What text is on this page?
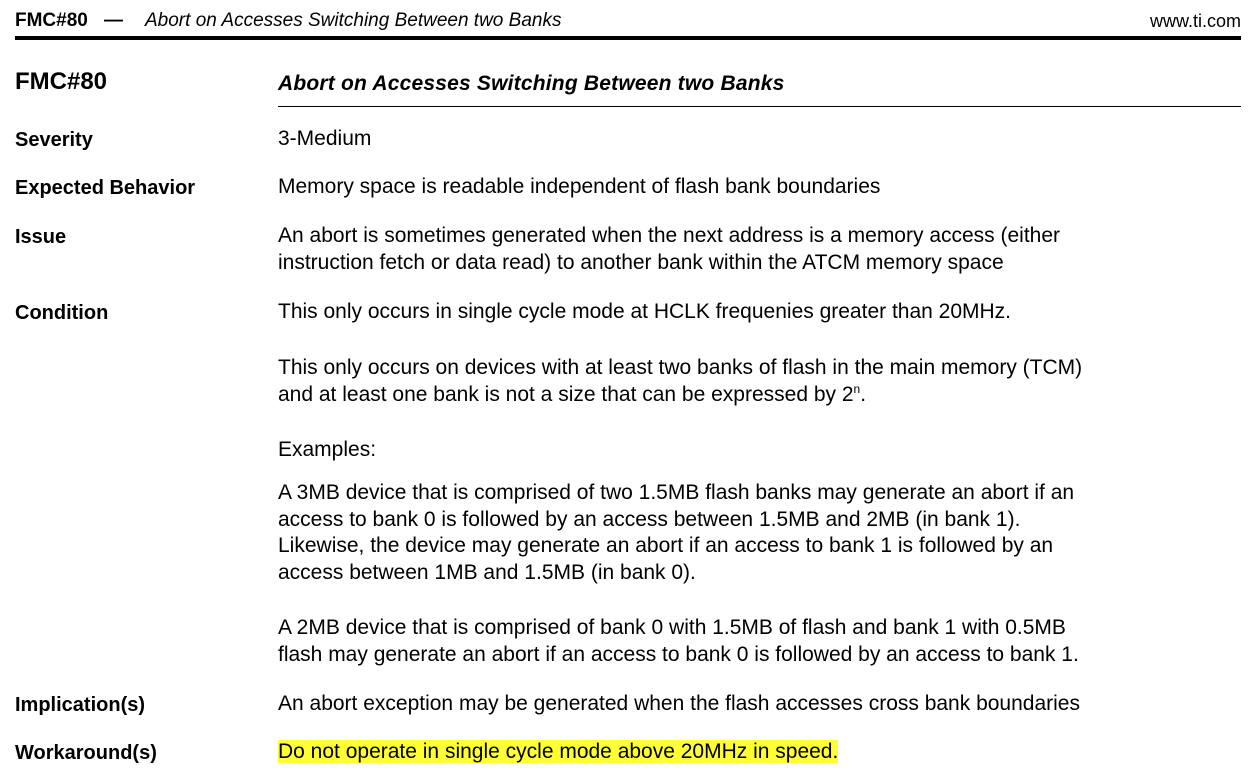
FMC#80 — Abort on Accesses Switching Between two Banks	www.ti.com
FMC#80	Abort on Accesses Switching Between two Banks
Severity	3-Medium
Expected Behavior	Memory space is readable independent of flash bank boundaries
Issue	An abort is sometimes generated when the next address is a memory access (either

instruction fetch or data read) to another bank within the ATCM memory space

Condition	This only occurs in single cycle mode at HCLK frequenies greater than 20MHz.

This only occurs on devices with at least two banks of flash in the main memory (TCM)

and at least one bank is not a size that can be expressed by 2$^n$.

Examples:

A 3MB device that is comprised of two 1.5MB flash banks may generate an abort if an

access to bank 0 is followed by an access between 1.5MB and 2MB (in bank 1).

Likewise, the device may generate an abort if an access to bank 1 is followed by an

access between 1MB and 1.5MB (in bank 0).

A 2MB device that is comprised of bank 0 with 1.5MB of flash and bank 1 with 0.5MB

flash may generate an abort if an access to bank 0 is followed by an access to bank 1.

Implication(s)	An abort exception may be generated when the flash accesses cross bank boundaries
Workaround(s)	Do not operate in single cycle mode above 20MHz in speed.
